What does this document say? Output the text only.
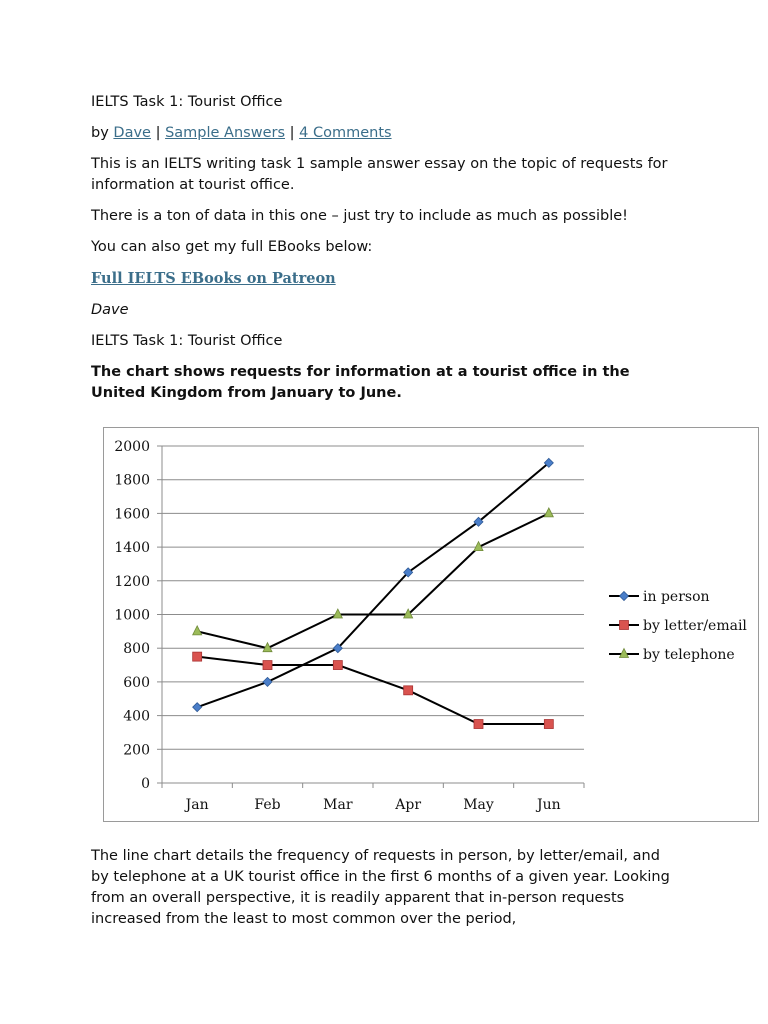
IELTS Task 1: Tourist Office

by Dave | Sample Answers | 4 Comments

This is an IELTS writing task 1 sample answer essay on the topic of requests for information at tourist office.

There is a ton of data in this one – just try to include as much as possible!

You can also get my full EBooks below:

Full IELTS EBooks on Patreon

Dave

IELTS Task 1: Tourist Office

The chart shows requests for information at a tourist office in the United Kingdom from January to June.

0
200
400
600
800
1000
1200
1400
1600
1800
2000
Jan	Feb	Mar	Apr	May	Jun
in person
by letter/email
by telephone

The line chart details the frequency of requests in person, by letter/email, and by telephone at a UK tourist office in the first 6 months of a given year. Looking from an overall perspective, it is readily apparent that in-person requests increased from the least to most common over the period,
